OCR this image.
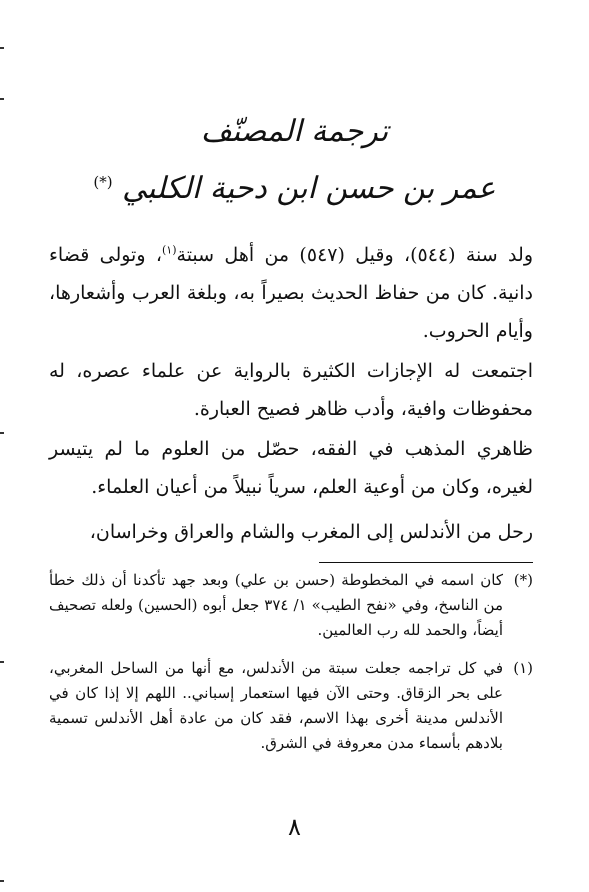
ترجمة المصنّف
عمر بن حسن ابن دحية الكلبي (*)
ولد سنة (٥٤٤)، وقيل (٥٤٧) من أهل سبتة$^{(١)}$، وتولى قضاء دانية. كان من حفاظ الحديث بصيراً به، وبلغة العرب وأشعارها، وأيام الحروب.
اجتمعت له الإجازات الكثيرة بالرواية عن علماء عصره، له محفوظات وافية، وأدب ظاهر فصيح العبارة.
ظاهري المذهب في الفقه، حصّل من العلوم ما لم يتيسر لغيره، وكان من أوعية العلم، سرياً نبيلاً من أعيان العلماء.
رحل من الأندلس إلى المغرب والشام والعراق وخراسان،
(*)
كان اسمه في المخطوطة (حسن بن علي) وبعد جهد تأكدنا أن ذلك خطأ من الناسخ، وفي «نفح الطيب» ١/ ٣٧٤ جعل أبوه (الحسين) ولعله تصحيف أيضاً، والحمد لله رب العالمين.
(١)
في كل تراجمه جعلت سبتة من الأندلس، مع أنها من الساحل المغربي، على بحر الزقاق. وحتى الآن فيها استعمار إسباني.. اللهم إلا إذا كان في الأندلس مدينة أخرى بهذا الاسم، فقد كان من عادة أهل الأندلس تسمية بلادهم بأسماء مدن معروفة في الشرق.
٨
